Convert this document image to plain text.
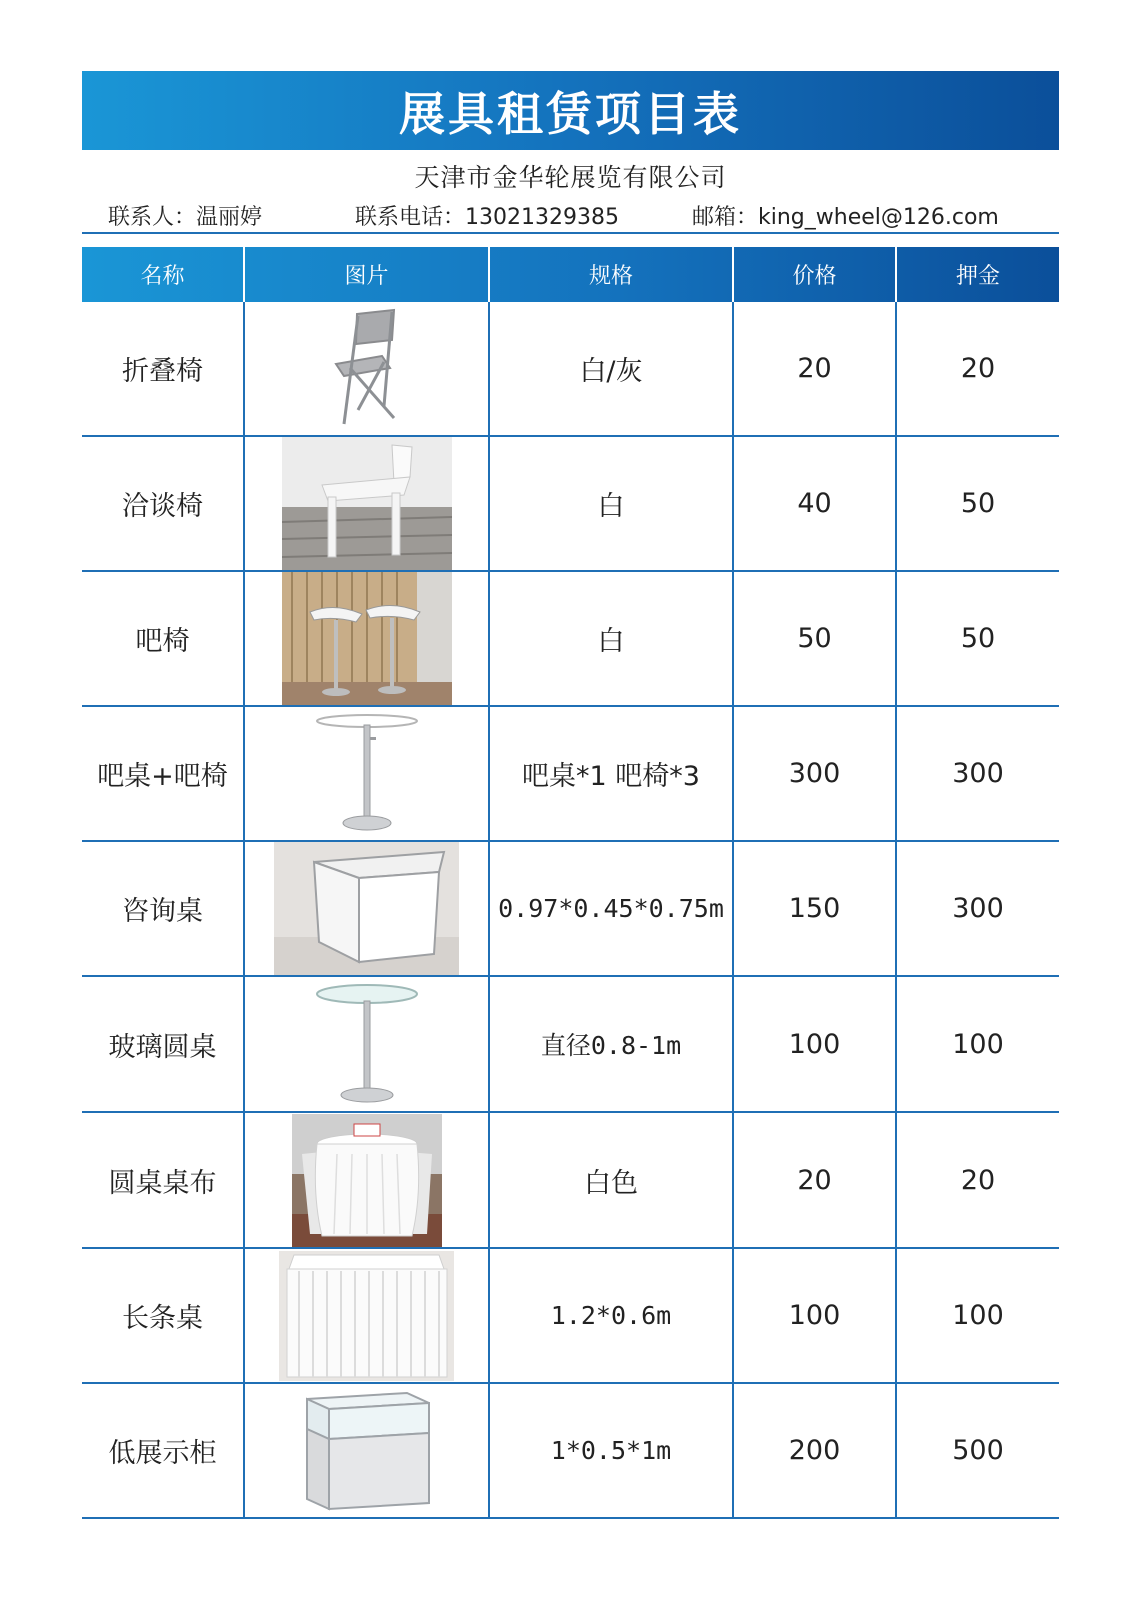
展具租赁项目表
天津市金华轮展览有限公司
联系人：温丽婷	联系电话：13021329385	邮箱：king_wheel@126.com
名称	图片	规格	价格	押金
折叠椅	白/灰	20	20
洽谈椅	白	40	50
吧椅	白	50	50
吧桌+吧椅	吧桌*1 吧椅*3	300	300
咨询桌	0.97*0.45*0.75m	150	300
玻璃圆桌	直径0.8-1m	100	100
圆桌桌布	白色	20	20
长条桌	1.2*0.6m	100	100
低展示柜	1*0.5*1m	200	500
